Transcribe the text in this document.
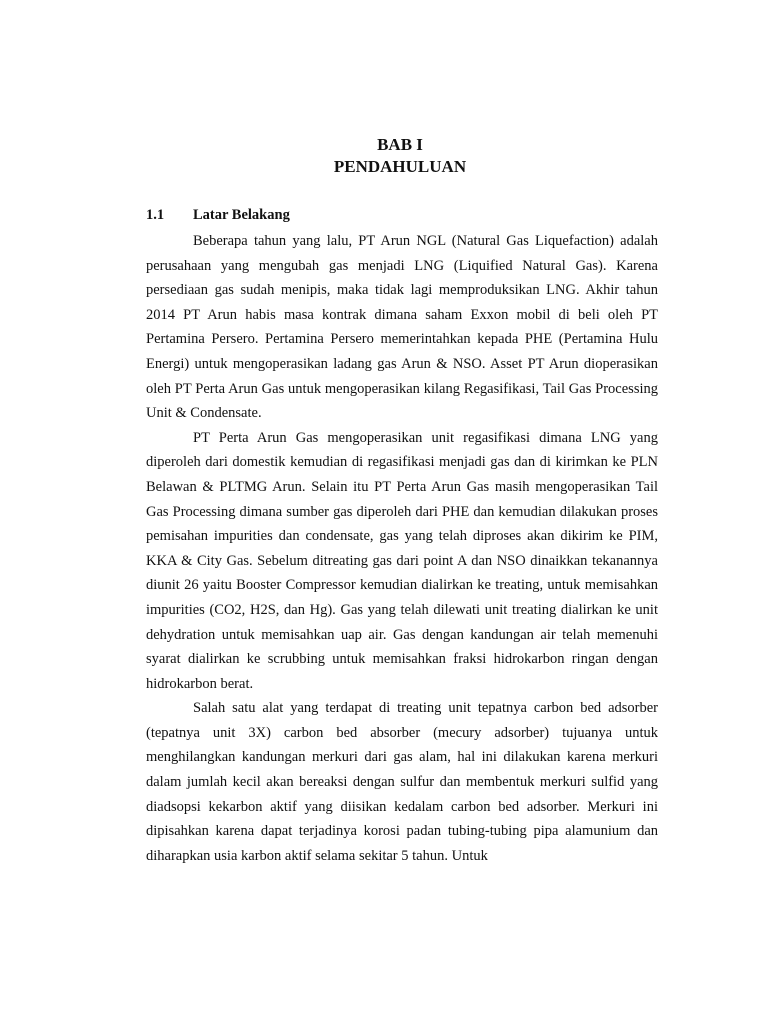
BAB I
PENDAHULUAN
1.1 Latar Belakang

Beberapa tahun yang lalu, PT Arun NGL (Natural Gas Liquefaction) adalah perusahaan yang mengubah gas menjadi LNG (Liquified Natural Gas). Karena persediaan gas sudah menipis, maka tidak lagi memproduksikan LNG. Akhir tahun 2014 PT Arun habis masa kontrak dimana saham Exxon mobil di beli oleh PT Pertamina Persero. Pertamina Persero memerintahkan kepada PHE (Pertamina Hulu Energi) untuk mengoperasikan ladang gas Arun & NSO. Asset PT Arun dioperasikan oleh PT Perta Arun Gas untuk mengoperasikan kilang Regasifikasi, Tail Gas Processing Unit & Condensate.

PT Perta Arun Gas mengoperasikan unit regasifikasi dimana LNG yang diperoleh dari domestik kemudian di regasifikasi menjadi gas dan di kirimkan ke PLN Belawan & PLTMG Arun. Selain itu PT Perta Arun Gas masih mengoperasikan Tail Gas Processing dimana sumber gas diperoleh dari PHE dan kemudian dilakukan proses pemisahan impurities dan condensate, gas yang telah diproses akan dikirim ke PIM, KKA & City Gas. Sebelum ditreating gas dari point A dan NSO dinaikkan tekanannya diunit 26 yaitu Booster Compressor kemudian dialirkan ke treating, untuk memisahkan impurities (CO2, H2S, dan Hg). Gas yang telah dilewati unit treating dialirkan ke unit dehydration untuk memisahkan uap air. Gas dengan kandungan air telah memenuhi syarat dialirkan ke scrubbing untuk memisahkan fraksi hidrokarbon ringan dengan hidrokarbon berat.

Salah satu alat yang terdapat di treating unit tepatnya carbon bed adsorber (tepatnya unit 3X) carbon bed absorber (mecury adsorber) tujuanya untuk menghilangkan kandungan merkuri dari gas alam, hal ini dilakukan karena merkuri dalam jumlah kecil akan bereaksi dengan sulfur dan membentuk merkuri sulfid yang diadsopsi kekarbon aktif yang diisikan kedalam carbon bed adsorber. Merkuri ini dipisahkan karena dapat terjadinya korosi padan tubing-tubing pipa alamunium dan diharapkan usia karbon aktif selama sekitar 5 tahun. Untuk
